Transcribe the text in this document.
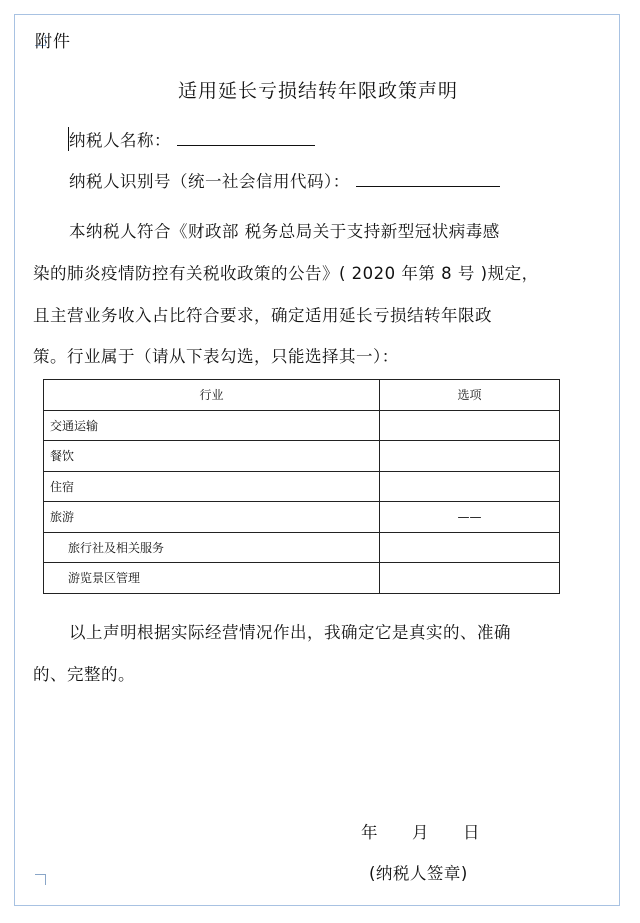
附件
适用延长亏损结转年限政策声明
纳税人名称：
纳税人识别号（统一社会信用代码）：
本纳税人符合《财政部 税务总局关于支持新型冠状病毒感
染的肺炎疫情防控有关税收政策的公告》( 2020 年第 8 号 )规定，
且主营业务收入占比符合要求，确定适用延长亏损结转年限政
策。行业属于（请从下表勾选，只能选择其一）：
行业	选项
交通运输	
餐饮	
住宿	
旅游	——
旅行社及相关服务	
游览景区管理	
以上声明根据实际经营情况作出，我确定它是真实的、准确
的、完整的。
年　　月　　日
(纳税人签章)
